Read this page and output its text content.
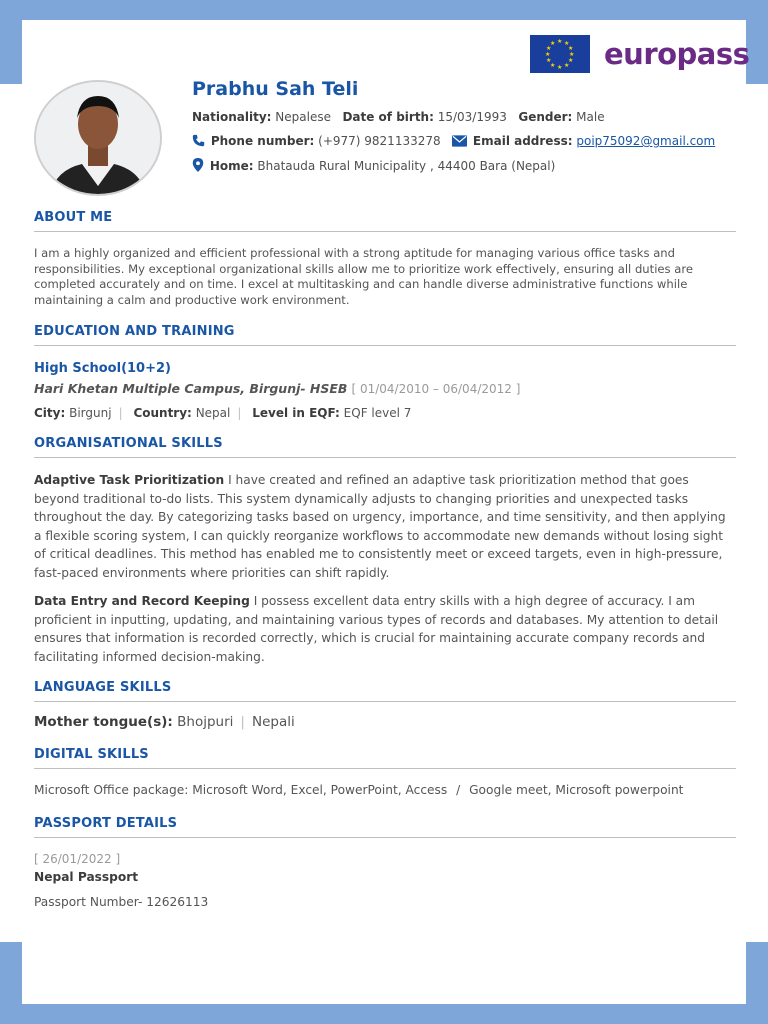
★ ★
★
★
★
★
★
★
★
★
★
★ europass
Prabhu Sah Teli
Nationality: Nepalese Date of birth: 15/03/1993 Gender: Male
Phone number: (+977) 9821133278	Email address: poip75092@gmail.com
Home: Bhatauda Rural Municipality , 44400 Bara (Nepal)
ABOUT ME
I am a highly organized and efficient professional with a strong aptitude for managing various office tasks and responsibilities. My exceptional organizational skills allow me to prioritize work effectively, ensuring all duties are completed accurately and on time. I excel at multitasking and can handle diverse administrative functions while maintaining a calm and productive work environment.
EDUCATION AND TRAINING
High School(10+2)
Hari Khetan Multiple Campus, Birgunj- HSEB [ 01/04/2010 – 06/04/2012 ]
City: Birgunj | Country: Nepal | Level in EQF: EQF level 7
ORGANISATIONAL SKILLS
Adaptive Task Prioritization I have created and refined an adaptive task prioritization method that goes beyond traditional to-do lists. This system dynamically adjusts to changing priorities and unexpected tasks throughout the day. By categorizing tasks based on urgency, importance, and time sensitivity, and then applying a flexible scoring system, I can quickly reorganize workflows to accommodate new demands without losing sight of critical deadlines. This method has enabled me to consistently meet or exceed targets, even in high-pressure, fast-paced environments where priorities can shift rapidly.
Data Entry and Record Keeping I possess excellent data entry skills with a high degree of accuracy. I am proficient in inputting, updating, and maintaining various types of records and databases. My attention to detail ensures that information is recorded correctly, which is crucial for maintaining accurate company records and facilitating informed decision-making.
LANGUAGE SKILLS
Mother tongue(s): Bhojpuri | Nepali
DIGITAL SKILLS
Microsoft Office package: Microsoft Word, Excel, PowerPoint, Access / Google meet, Microsoft powerpoint
PASSPORT DETAILS
[ 26/01/2022 ]
Nepal Passport
Passport Number- 12626113
